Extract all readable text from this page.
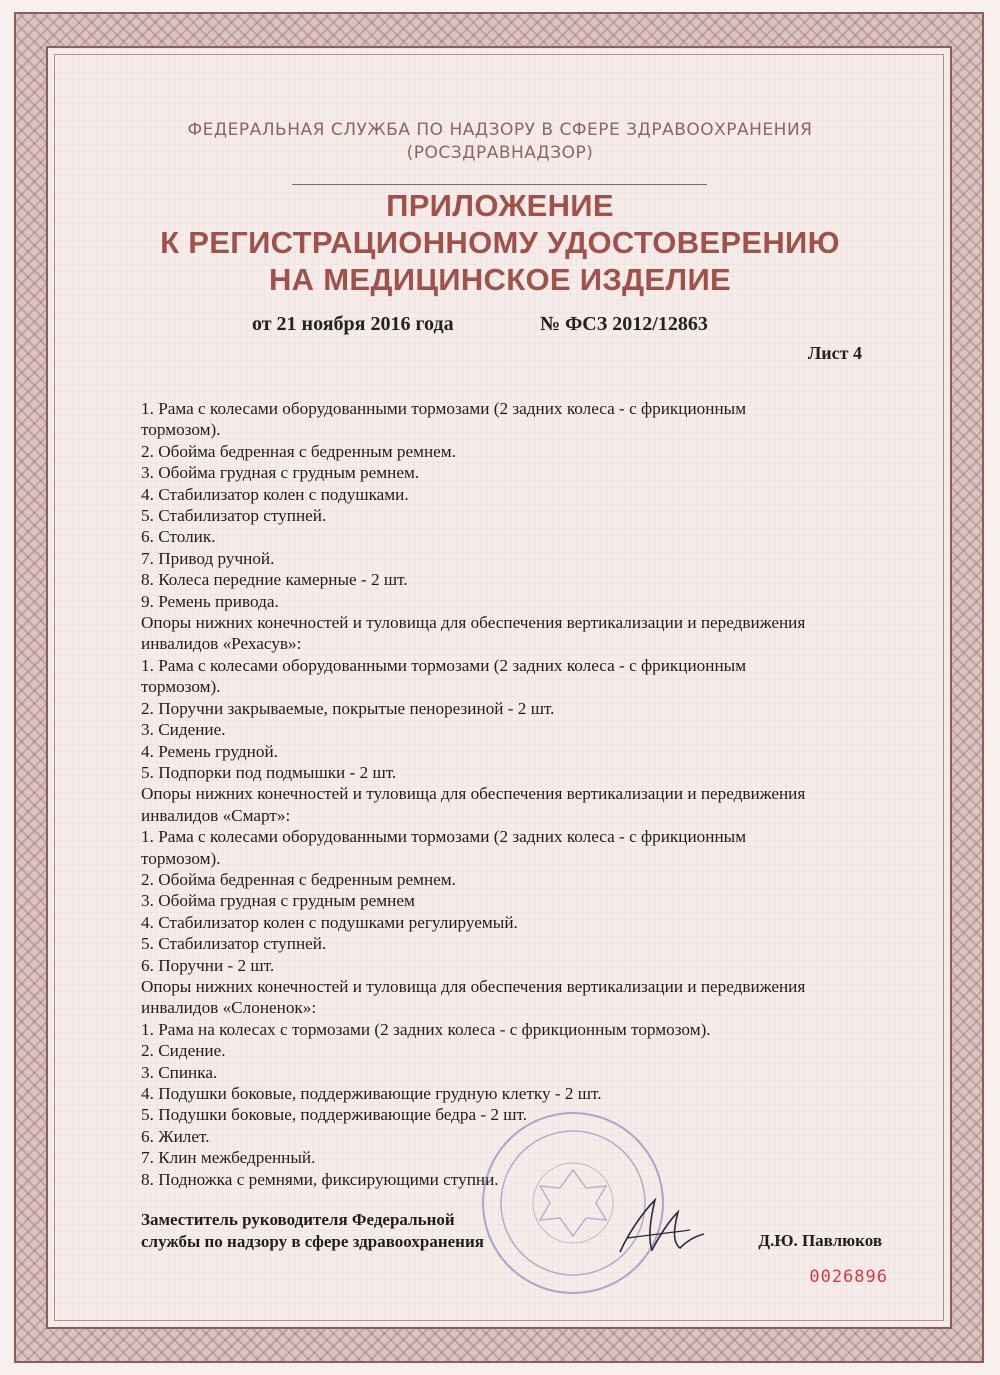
ФЕДЕРАЛЬНАЯ СЛУЖБА ПО НАДЗОРУ В СФЕРЕ ЗДРАВООХРАНЕНИЯ
(РОСЗДРАВНАДЗОР)
ПРИЛОЖЕНИЕ
К РЕГИСТРАЦИОННОМУ УДОСТОВЕРЕНИЮ
НА МЕДИЦИНСКОЕ ИЗДЕЛИЕ
от 21 ноября 2016 года	№ ФСЗ 2012/12863
Лист 4
1. Рама с колесами оборудованными тормозами (2 задних колеса - с фрикционным
тормозом).
2. Обойма бедренная с бедренным ремнем.
3. Обойма грудная с грудным ремнем.
4. Стабилизатор колен с подушками.
5. Стабилизатор ступней.
6. Столик.
7. Привод ручной.
8. Колеса передние камерные - 2 шт.
9. Ремень привода.
Опоры нижних конечностей и туловища для обеспечения вертикализации и передвижения
инвалидов «Рехасув»:
1. Рама с колесами оборудованными тормозами (2 задних колеса - с фрикционным
тормозом).
2. Поручни закрываемые, покрытые пенорезиной - 2 шт.
3. Сидение.
4. Ремень грудной.
5. Подпорки под подмышки - 2 шт.
Опоры нижних конечностей и туловища для обеспечения вертикализации и передвижения
инвалидов «Смарт»:
1. Рама с колесами оборудованными тормозами (2 задних колеса - с фрикционным
тормозом).
2. Обойма бедренная с бедренным ремнем.
3. Обойма грудная с грудным ремнем
4. Стабилизатор колен с подушками регулируемый.
5. Стабилизатор ступней.
6. Поручни - 2 шт.
Опоры нижних конечностей и туловища для обеспечения вертикализации и передвижения
инвалидов «Слоненок»:
1. Рама на колесах с тормозами (2 задних колеса - с фрикционным тормозом).
2. Сидение.
3. Спинка.
4. Подушки боковые, поддерживающие грудную клетку - 2 шт.
5. Подушки боковые, поддерживающие бедра - 2 шт.
6. Жилет.
7. Клин межбедренный.
8. Подножка с ремнями, фиксирующими ступни.
Заместитель руководителя Федеральной
службы по надзору в сфере здравоохранения	Д.Ю. Павлюков
0026896
